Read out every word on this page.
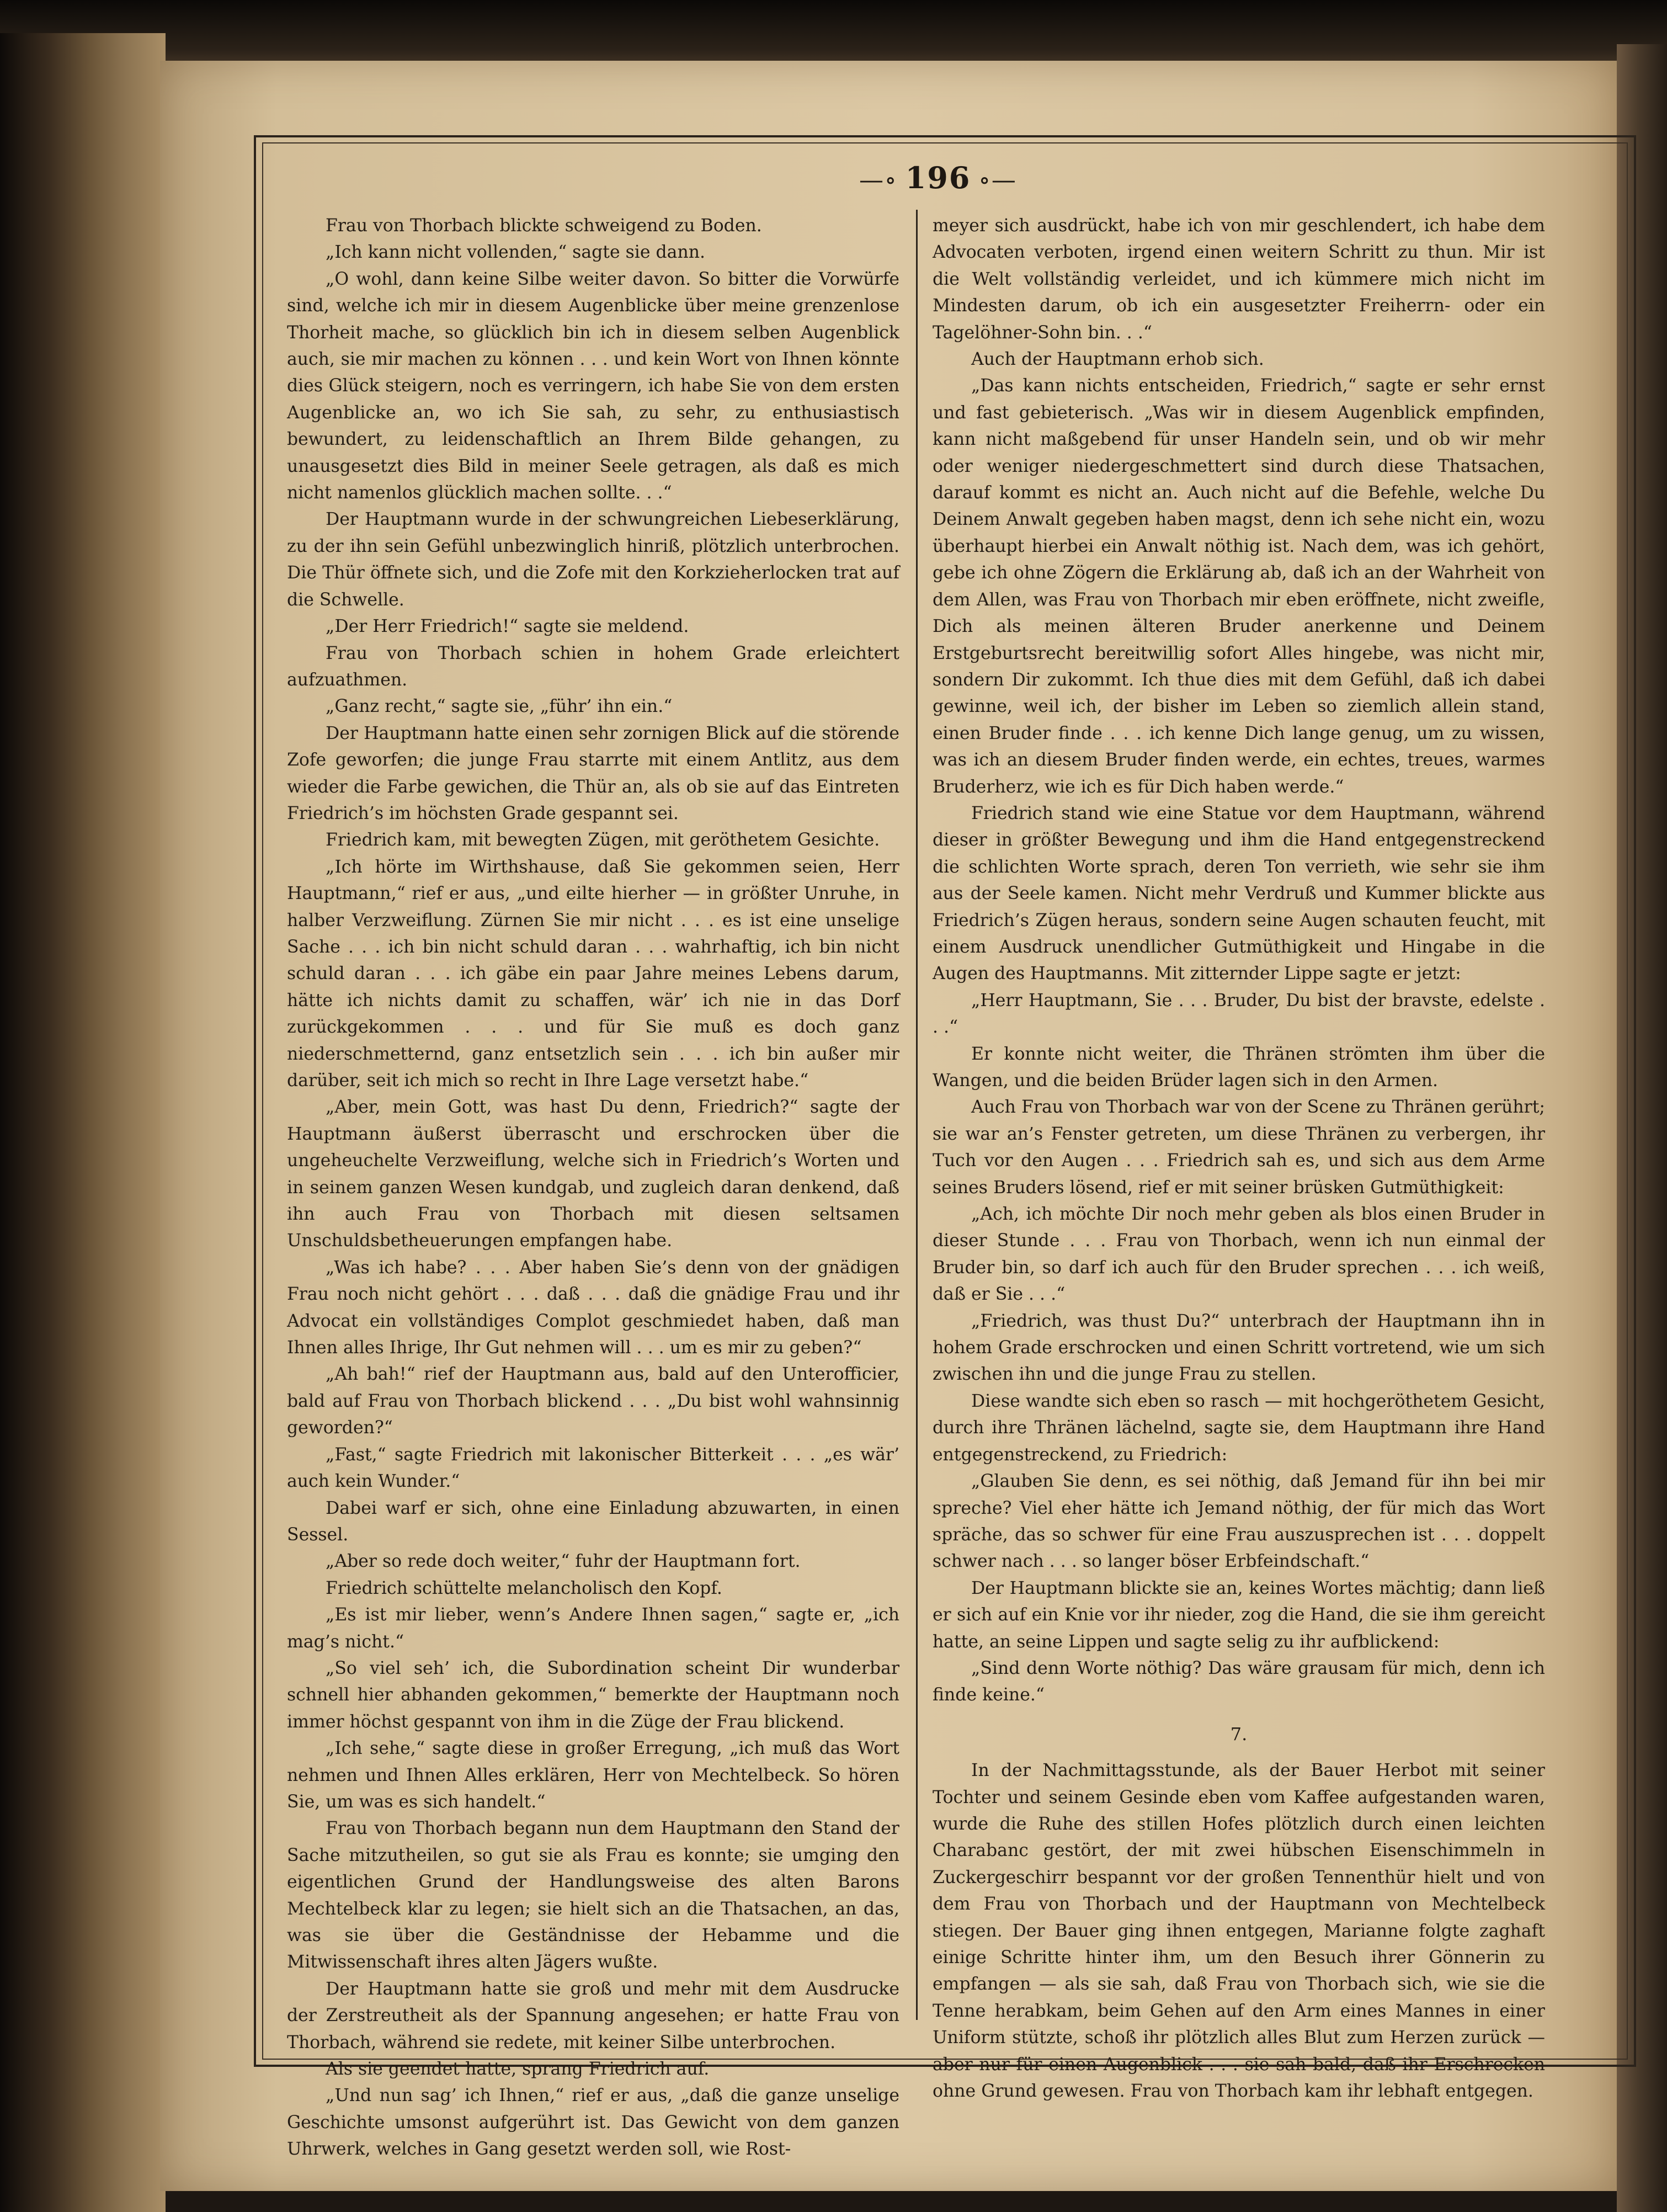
—∘ 196 ∘—

Frau von Thorbach blickte schweigend zu Boden.

„Ich kann nicht vollenden,“ sagte sie dann.

„O wohl, dann keine Silbe weiter davon. So bitter die Vorwürfe sind, welche ich mir in diesem Augenblicke über meine grenzenlose Thorheit mache, so glücklich bin ich in diesem selben Augenblick auch, sie mir machen zu können . . . und kein Wort von Ihnen könnte dies Glück steigern, noch es verringern, ich habe Sie von dem ersten Augenblicke an, wo ich Sie sah, zu sehr, zu enthusiastisch bewundert, zu leidenschaftlich an Ihrem Bilde gehangen, zu unausgesetzt dies Bild in meiner Seele getragen, als daß es mich nicht namenlos glücklich machen sollte. . .“

Der Hauptmann wurde in der schwungreichen Liebeserklärung, zu der ihn sein Gefühl unbezwinglich hinriß, plötzlich unterbrochen. Die Thür öffnete sich, und die Zofe mit den Korkzieherlocken trat auf die Schwelle.

„Der Herr Friedrich!“ sagte sie meldend.

Frau von Thorbach schien in hohem Grade erleichtert aufzuathmen.

„Ganz recht,“ sagte sie, „führ’ ihn ein.“

Der Hauptmann hatte einen sehr zornigen Blick auf die störende Zofe geworfen; die junge Frau starrte mit einem Antlitz, aus dem wieder die Farbe gewichen, die Thür an, als ob sie auf das Eintreten Friedrich’s im höchsten Grade gespannt sei.

Friedrich kam, mit bewegten Zügen, mit geröthetem Gesichte.

„Ich hörte im Wirthshause, daß Sie gekommen seien, Herr Hauptmann,“ rief er aus, „und eilte hierher — in größter Unruhe, in halber Verzweiflung. Zürnen Sie mir nicht . . . es ist eine unselige Sache . . . ich bin nicht schuld daran . . . wahrhaftig, ich bin nicht schuld daran . . . ich gäbe ein paar Jahre meines Lebens darum, hätte ich nichts damit zu schaffen, wär’ ich nie in das Dorf zurückgekommen . . . und für Sie muß es doch ganz niederschmetternd, ganz entsetzlich sein . . . ich bin außer mir darüber, seit ich mich so recht in Ihre Lage versetzt habe.“

„Aber, mein Gott, was hast Du denn, Friedrich?“ sagte der Hauptmann äußerst überrascht und erschrocken über die ungeheuchelte Verzweiflung, welche sich in Friedrich’s Worten und in seinem ganzen Wesen kundgab, und zugleich daran denkend, daß ihn auch Frau von Thorbach mit diesen seltsamen Unschuldsbetheuerungen empfangen habe.

„Was ich habe? . . . Aber haben Sie’s denn von der gnädigen Frau noch nicht gehört . . . daß . . . daß die gnädige Frau und ihr Advocat ein vollständiges Complot geschmiedet haben, daß man Ihnen alles Ihrige, Ihr Gut nehmen will . . . um es mir zu geben?“

„Ah bah!“ rief der Hauptmann aus, bald auf den Unterofficier, bald auf Frau von Thorbach blickend . . . „Du bist wohl wahnsinnig geworden?“

„Fast,“ sagte Friedrich mit lakonischer Bitterkeit . . . „es wär’ auch kein Wunder.“

Dabei warf er sich, ohne eine Einladung abzuwarten, in einen Sessel.

„Aber so rede doch weiter,“ fuhr der Hauptmann fort.

Friedrich schüttelte melancholisch den Kopf.

„Es ist mir lieber, wenn’s Andere Ihnen sagen,“ sagte er, „ich mag’s nicht.“

„So viel seh’ ich, die Subordination scheint Dir wunderbar schnell hier abhanden gekommen,“ bemerkte der Hauptmann noch immer höchst gespannt von ihm in die Züge der Frau blickend.

„Ich sehe,“ sagte diese in großer Erregung, „ich muß das Wort nehmen und Ihnen Alles erklären, Herr von Mechtelbeck. So hören Sie, um was es sich handelt.“

Frau von Thorbach begann nun dem Hauptmann den Stand der Sache mitzutheilen, so gut sie als Frau es konnte; sie umging den eigentlichen Grund der Handlungsweise des alten Barons Mechtelbeck klar zu legen; sie hielt sich an die Thatsachen, an das, was sie über die Geständnisse der Hebamme und die Mitwissenschaft ihres alten Jägers wußte.

Der Hauptmann hatte sie groß und mehr mit dem Ausdrucke der Zerstreutheit als der Spannung angesehen; er hatte Frau von Thorbach, während sie redete, mit keiner Silbe unterbrochen.

Als sie geendet hatte, sprang Friedrich auf.

„Und nun sag’ ich Ihnen,“ rief er aus, „daß die ganze unselige Geschichte umsonst aufgerührt ist. Das Gewicht von dem ganzen Uhrwerk, welches in Gang gesetzt werden soll, wie Rost-

meyer sich ausdrückt, habe ich von mir geschlendert, ich habe dem Advocaten verboten, irgend einen weitern Schritt zu thun. Mir ist die Welt vollständig verleidet, und ich kümmere mich nicht im Mindesten darum, ob ich ein ausgesetzter Freiherrn- oder ein Tagelöhner-Sohn bin. . .“

Auch der Hauptmann erhob sich.

„Das kann nichts entscheiden, Friedrich,“ sagte er sehr ernst und fast gebieterisch. „Was wir in diesem Augenblick empfinden, kann nicht maßgebend für unser Handeln sein, und ob wir mehr oder weniger niedergeschmettert sind durch diese Thatsachen, darauf kommt es nicht an. Auch nicht auf die Befehle, welche Du Deinem Anwalt gegeben haben magst, denn ich sehe nicht ein, wozu überhaupt hierbei ein Anwalt nöthig ist. Nach dem, was ich gehört, gebe ich ohne Zögern die Erklärung ab, daß ich an der Wahrheit von dem Allen, was Frau von Thorbach mir eben eröffnete, nicht zweifle, Dich als meinen älteren Bruder anerkenne und Deinem Erstgeburtsrecht bereitwillig sofort Alles hingebe, was nicht mir, sondern Dir zukommt. Ich thue dies mit dem Gefühl, daß ich dabei gewinne, weil ich, der bisher im Leben so ziemlich allein stand, einen Bruder finde . . . ich kenne Dich lange genug, um zu wissen, was ich an diesem Bruder finden werde, ein echtes, treues, warmes Bruderherz, wie ich es für Dich haben werde.“

Friedrich stand wie eine Statue vor dem Hauptmann, während dieser in größter Bewegung und ihm die Hand entgegenstreckend die schlichten Worte sprach, deren Ton verrieth, wie sehr sie ihm aus der Seele kamen. Nicht mehr Verdruß und Kummer blickte aus Friedrich’s Zügen heraus, sondern seine Augen schauten feucht, mit einem Ausdruck unendlicher Gutmüthigkeit und Hingabe in die Augen des Hauptmanns. Mit zitternder Lippe sagte er jetzt:

„Herr Hauptmann, Sie . . . Bruder, Du bist der bravste, edelste . . .“

Er konnte nicht weiter, die Thränen strömten ihm über die Wangen, und die beiden Brüder lagen sich in den Armen.

Auch Frau von Thorbach war von der Scene zu Thränen gerührt; sie war an’s Fenster getreten, um diese Thränen zu verbergen, ihr Tuch vor den Augen . . . Friedrich sah es, und sich aus dem Arme seines Bruders lösend, rief er mit seiner brüsken Gutmüthigkeit:

„Ach, ich möchte Dir noch mehr geben als blos einen Bruder in dieser Stunde . . . Frau von Thorbach, wenn ich nun einmal der Bruder bin, so darf ich auch für den Bruder sprechen . . . ich weiß, daß er Sie . . .“

„Friedrich, was thust Du?“ unterbrach der Hauptmann ihn in hohem Grade erschrocken und einen Schritt vortretend, wie um sich zwischen ihn und die junge Frau zu stellen.

Diese wandte sich eben so rasch — mit hochgeröthetem Gesicht, durch ihre Thränen lächelnd, sagte sie, dem Hauptmann ihre Hand entgegenstreckend, zu Friedrich:

„Glauben Sie denn, es sei nöthig, daß Jemand für ihn bei mir spreche? Viel eher hätte ich Jemand nöthig, der für mich das Wort spräche, das so schwer für eine Frau auszusprechen ist . . . doppelt schwer nach . . . so langer böser Erbfeindschaft.“

Der Hauptmann blickte sie an, keines Wortes mächtig; dann ließ er sich auf ein Knie vor ihr nieder, zog die Hand, die sie ihm gereicht hatte, an seine Lippen und sagte selig zu ihr aufblickend:

„Sind denn Worte nöthig? Das wäre grausam für mich, denn ich finde keine.“

7.

In der Nachmittagsstunde, als der Bauer Herbot mit seiner Tochter und seinem Gesinde eben vom Kaffee aufgestanden waren, wurde die Ruhe des stillen Hofes plötzlich durch einen leichten Charabanc gestört, der mit zwei hübschen Eisenschimmeln in Zuckergeschirr bespannt vor der großen Tennenthür hielt und von dem Frau von Thorbach und der Hauptmann von Mechtelbeck stiegen. Der Bauer ging ihnen entgegen, Marianne folgte zaghaft einige Schritte hinter ihm, um den Besuch ihrer Gönnerin zu empfangen — als sie sah, daß Frau von Thorbach sich, wie sie die Tenne herabkam, beim Gehen auf den Arm eines Mannes in einer Uniform stützte, schoß ihr plötzlich alles Blut zum Herzen zurück — aber nur für einen Augenblick . . . sie sah bald, daß ihr Erschrecken ohne Grund gewesen. Frau von Thorbach kam ihr lebhaft entgegen.
